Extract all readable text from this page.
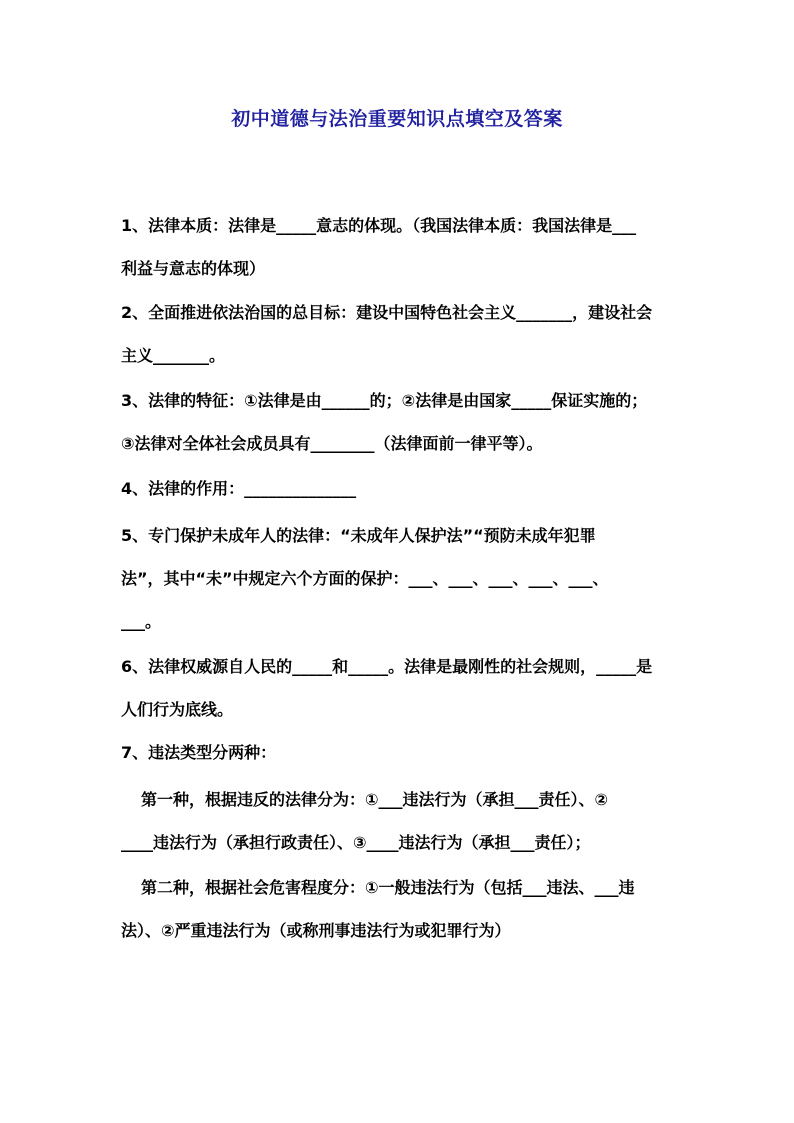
初中道德与法治重要知识点填空及答案
1、法律本质：法律是_____意志的体现。（我国法律本质：我国法律是___
利益与意志的体现）
2、全面推进依法治国的总目标：建设中国特色社会主义_______，建设社会
主义_______。
3、法律的特征：①法律是由______的；②法律是由国家_____保证实施的；
③法律对全体社会成员具有________（法律面前一律平等）。
4、法律的作用：______________
5、专门保护未成年人的法律：“未成年人保护法”“预防未成年犯罪
法”，其中“未”中规定六个方面的保护：___、___、___、___、___、
___。
6、法律权威源自人民的_____和_____。法律是最刚性的社会规则，_____是
人们行为底线。
7、违法类型分两种：
第一种，根据违反的法律分为：①___违法行为（承担___责任）、②
____违法行为（承担行政责任）、③____违法行为（承担___责任）；
第二种，根据社会危害程度分：①一般违法行为（包括___违法、___违
法）、②严重违法行为（或称刑事违法行为或犯罪行为）
